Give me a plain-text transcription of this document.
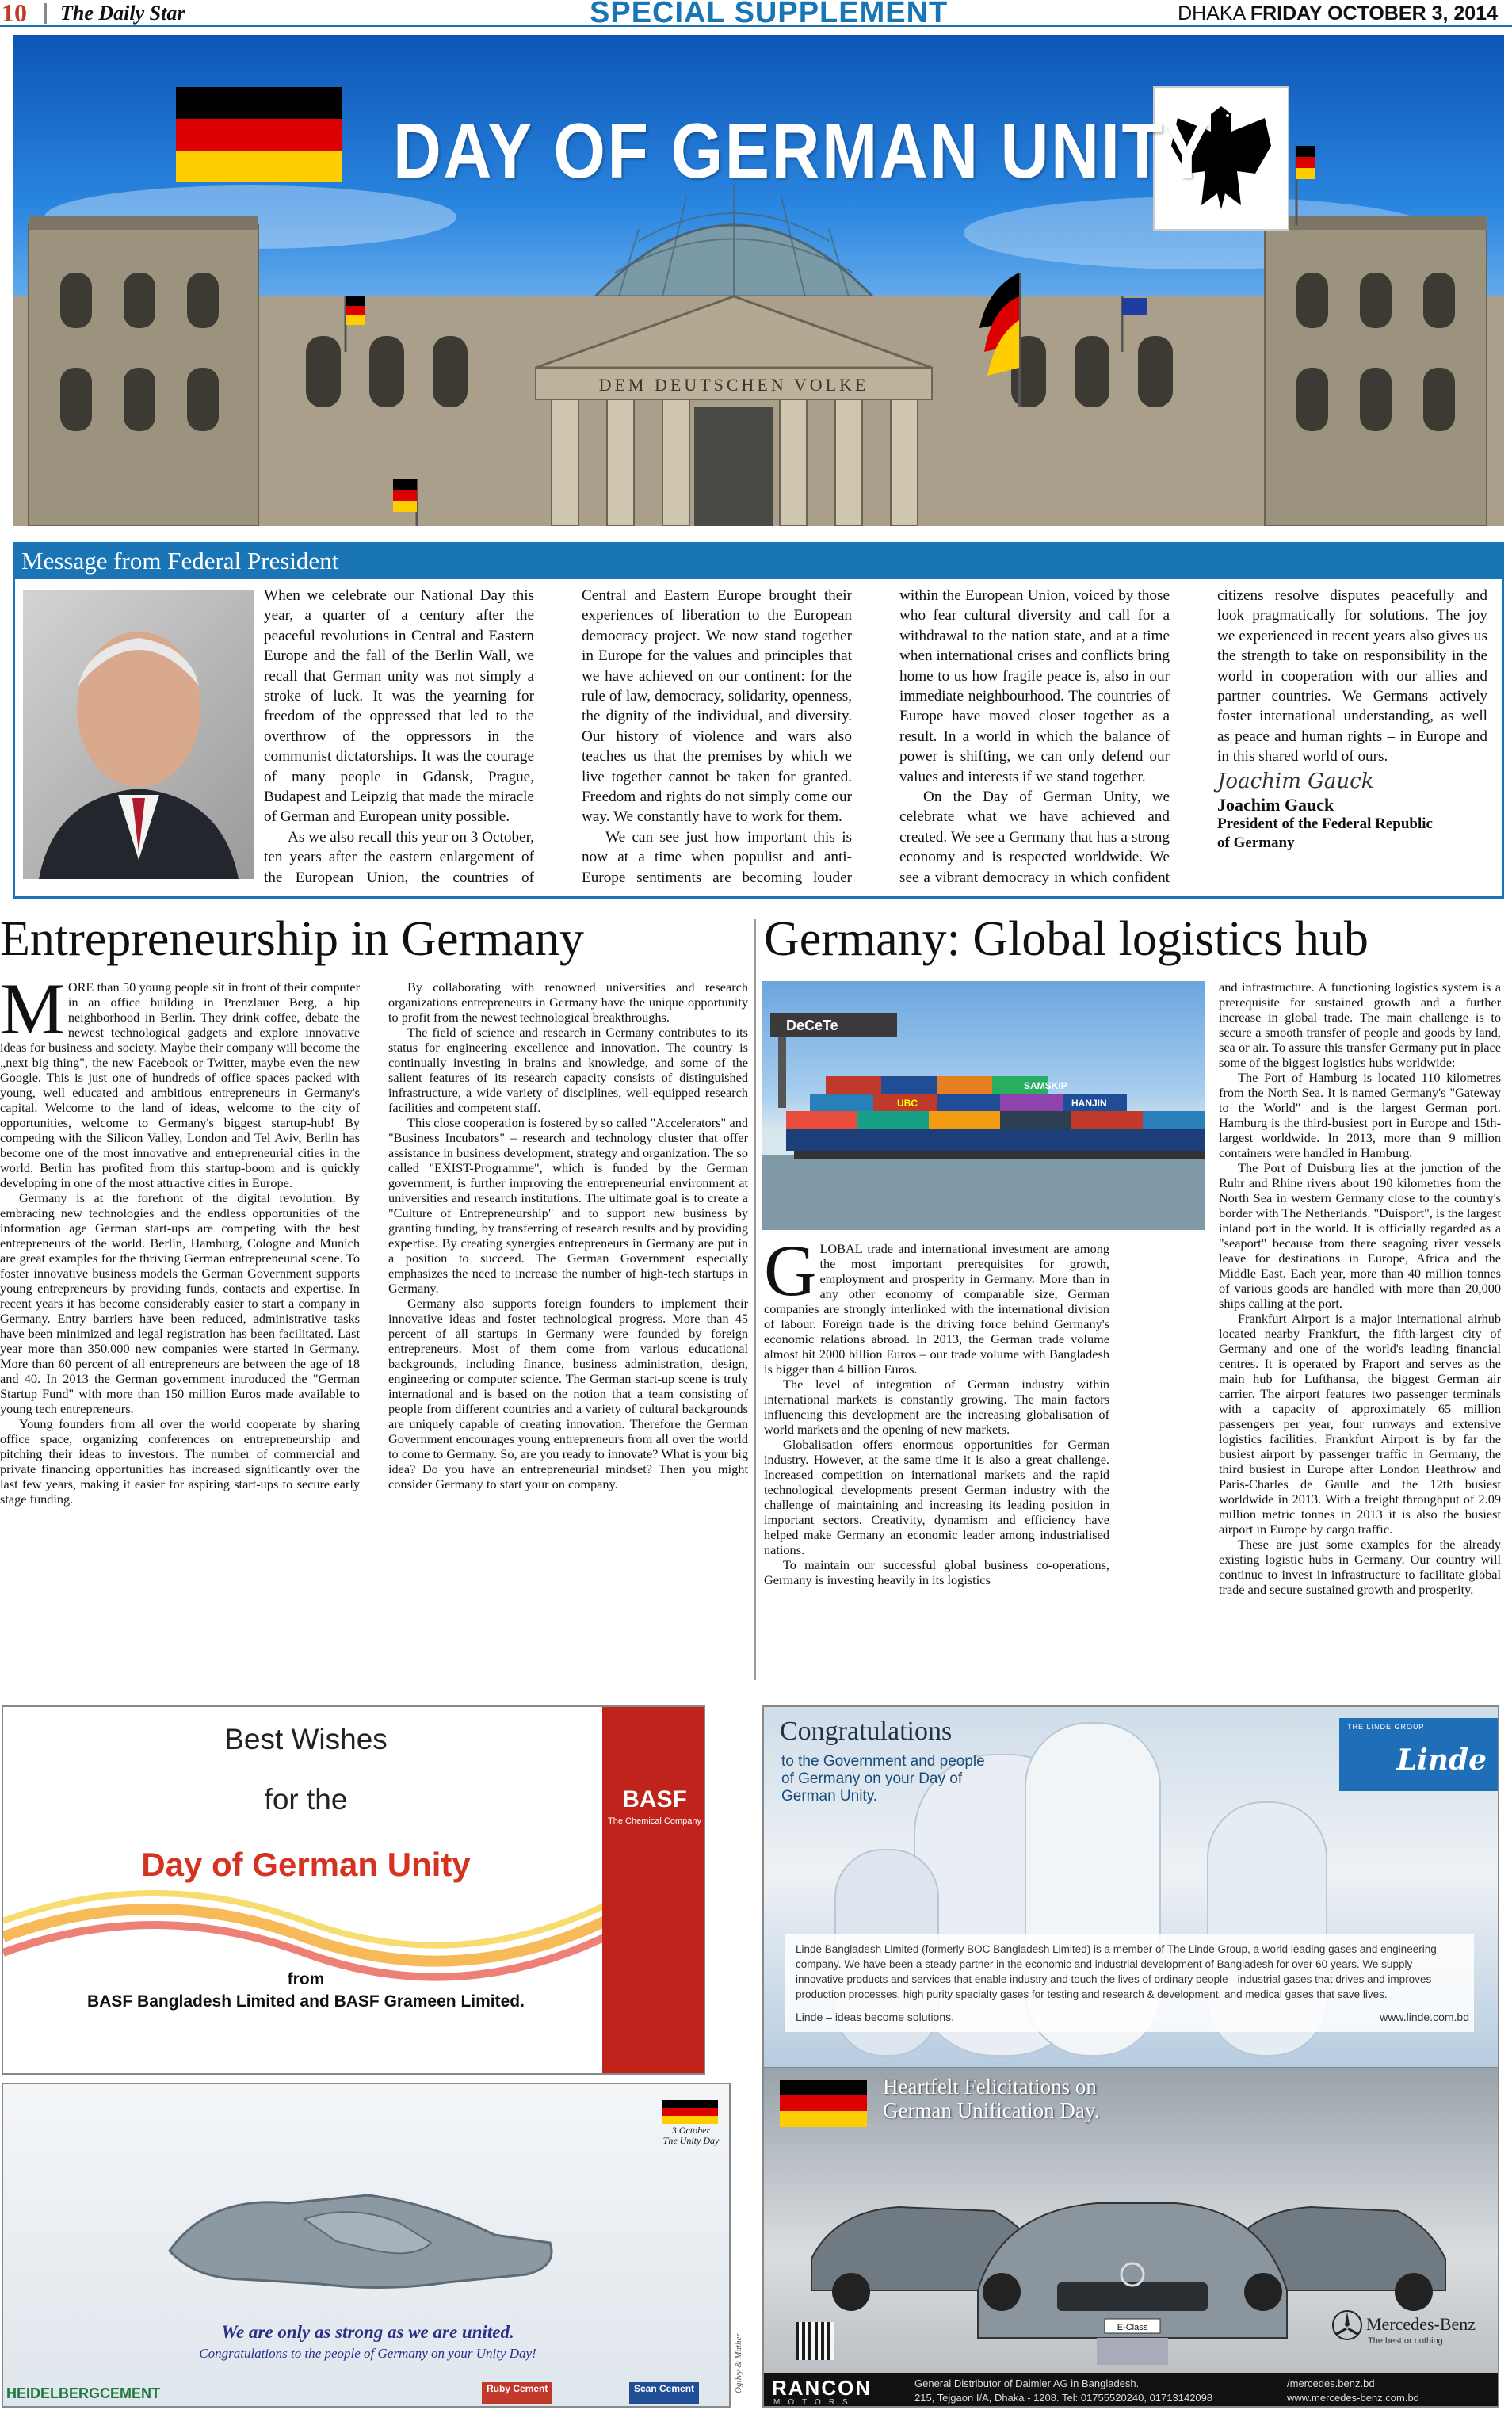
10 The Daily Star	SPECIAL SUPPLEMENT	DHAKA FRIDAY OCTOBER 3, 2014
DEM DEUTSCHEN VOLKE
DAY OF GERMAN UNITY
Message from Federal President

When we celebrate our National Day this year, a quarter of a century after the peaceful revolutions in Central and Eastern Europe and the fall of the Berlin Wall, we recall that German unity was not simply a stroke of luck. It was the yearning for freedom of the oppressed that led to the overthrow of the oppressors in the communist dictatorships. It was the courage of many people in Gdansk, Prague, Budapest and Leipzig that made the miracle of German and European unity possible.

As we also recall this year on 3 October, ten years after the eastern enlargement of the European Union, the countries of Central and Eastern Europe brought their experiences of liberation to the European democracy project. We now stand together in Europe for the values and principles that we have achieved on our continent: for the rule of law, democracy, solidarity, openness, the dignity of the individual, and diversity. Our history of violence and wars also teaches us that the premises by which we live together cannot be taken for granted. Freedom and rights do not simply come our way. We constantly have to work for them.

We can see just how important this is now at a time when populist and anti-Europe sentiments are becoming louder within the European Union, voiced by those who fear cultural diversity and call for a withdrawal to the nation state, and at a time when international crises and conflicts bring home to us how fragile peace is, also in our immediate neighbourhood. The countries of Europe have moved closer together as a result. In a world in which the balance of power is shifting, we can only defend our values and interests if we stand together.

On the Day of German Unity, we celebrate what we have achieved and created. We see a Germany that has a strong economy and is respected worldwide. We see a vibrant democracy in which confident citizens resolve disputes peacefully and look pragmatically for solutions. The joy we experienced in recent years also gives us the strength to take on responsibility in the world in cooperation with our allies and partner countries. We Germans actively foster international understanding, as well as peace and human rights – in Europe and in this shared world of ours.

Joachim Gauck
Joachim Gauck
President of the Federal Republic
of Germany
Entrepreneurship in Germany

MORE than 50 young people sit in front of their computer in an office building in Prenzlauer Berg, a hip neighborhood in Berlin. They drink coffee, debate the newest technological gadgets and explore innovative ideas for business and society. Maybe their company will become the „next big thing", the new Facebook or Twitter, maybe even the new Google. This is just one of hundreds of office spaces packed with young, well educated and ambitious entrepreneurs in Germany's capital. Welcome to the land of ideas, welcome to the city of opportunities, welcome to Germany's biggest startup-hub! By competing with the Silicon Valley, London and Tel Aviv, Berlin has become one of the most innovative and entrepreneurial cities in the world. Berlin has profited from this startup-boom and is quickly developing in one of the most attractive cities in Europe.

Germany is at the forefront of the digital revolution. By embracing new technologies and the endless opportunities of the information age German start-ups are competing with the best entrepreneurs of the world. Berlin, Hamburg, Cologne and Munich are great examples for the thriving German entrepreneurial scene. To foster innovative business models the German Government supports young entrepreneurs by providing funds, contacts and expertise. In recent years it has become considerably easier to start a company in Germany. Entry barriers have been reduced, administrative tasks have been minimized and legal registration has been facilitated. Last year more than 350.000 new companies were started in Germany. More than 60 percent of all entrepreneurs are between the age of 18 and 40. In 2013 the German government introduced the "German Startup Fund" with more than 150 million Euros made available to young tech entrepreneurs.

Young founders from all over the world cooperate by sharing office space, organizing conferences on entrepreneurship and pitching their ideas to investors. The number of commercial and private financing opportunities has increased significantly over the last few years, making it easier for aspiring start-ups to secure early stage funding.

By collaborating with renowned universities and research organizations entrepreneurs in Germany have the unique opportunity to profit from the newest technological breakthroughs.

The field of science and research in Germany contributes to its status for engineering excellence and innovation. The country is continually investing in brains and knowledge, and some of the salient features of its research capacity consists of distinguished infrastructure, a wide variety of disciplines, well-equipped research facilities and competent staff.

This close cooperation is fostered by so called "Accelerators" and "Business Incubators" – research and technology cluster that offer assistance in business development, strategy and organization. The so called "EXIST-Programme", which is funded by the German government, is further improving the entrepreneurial environment at universities and research institutions. The ultimate goal is to create a "Culture of Entrepreneurship" and to support new business by granting funding, by transferring of research results and by providing expertise. By creating synergies entrepreneurs in Germany are put in a position to succeed. The German Government especially emphasizes the need to increase the number of high-tech startups in Germany.

Germany also supports foreign founders to implement their innovative ideas and foster technological progress. More than 45 percent of all startups in Germany were founded by foreign entrepreneurs. Most of them come from various educational backgrounds, including finance, business administration, design, engineering or computer science. The German start-up scene is truly international and is based on the notion that a team consisting of people from different countries and a variety of cultural backgrounds are uniquely capable of creating innovation. Therefore the German Government encourages young entrepreneurs from all over the world to come to Germany. So, are you ready to innovate? What is your big idea? Do you have an entrepreneurial mindset? Then you might consider Germany to start your on company.

Germany: Global logistics hub
DeCeTe
SAMSKIP
HANJIN
UBC

GLOBAL trade and international investment are among the most important prerequisites for growth, employment and prosperity in Germany. More than in any other economy of comparable size, German companies are strongly interlinked with the international division of labour. Foreign trade is the driving force behind Germany's economic relations abroad. In 2013, the German trade volume almost hit 2000 billion Euros – our trade volume with Bangladesh is bigger than 4 billion Euros.

The level of integration of German industry within international markets is constantly growing. The main factors influencing this development are the increasing globalisation of world markets and the opening of new markets.

Globalisation offers enormous opportunities for German industry. However, at the same time it is also a great challenge. Increased competition on international markets and the rapid technological developments present German industry with the challenge of maintaining and increasing its leading position in important sectors. Creativity, dynamism and efficiency have helped make Germany an economic leader among industrialised nations.

To maintain our successful global business co-operations, Germany is investing heavily in its logistics

and infrastructure. A functioning logistics system is a prerequisite for sustained growth and a further increase in global trade. The main challenge is to secure a smooth transfer of people and goods by land, sea or air. To assure this transfer Germany put in place some of the biggest logistics hubs worldwide:

The Port of Hamburg is located 110 kilometres from the North Sea. It is named Germany's "Gateway to the World" and is the largest German port. Hamburg is the third-busiest port in Europe and 15th-largest worldwide. In 2013, more than 9 million containers were handled in Hamburg.

The Port of Duisburg lies at the junction of the Ruhr and Rhine rivers about 190 kilometres from the North Sea in western Germany close to the country's border with The Netherlands. "Duisport", is the largest inland port in the world. It is officially regarded as a "seaport" because from there seagoing river vessels leave for destinations in Europe, Africa and the Middle East. Each year, more than 40 million tonnes of various goods are handled with more than 20,000 ships calling at the port.

Frankfurt Airport is a major international airhub located nearby Frankfurt, the fifth-largest city of Germany and one of the world's leading financial centres. It is operated by Fraport and serves as the main hub for Lufthansa, the biggest German air carrier. The airport features two passenger terminals with a capacity of approximately 65 million passengers per year, four runways and extensive logistics facilities. Frankfurt Airport is by far the busiest airport by passenger traffic in Germany, the third busiest in Europe after London Heathrow and Paris-Charles de Gaulle and the 12th busiest worldwide in 2013. With a freight throughput of 2.09 million metric tonnes in 2013 it is also the busiest airport in Europe by cargo traffic.

These are just some examples for the already existing logistic hubs in Germany. Our country will continue to invest in infrastructure to facilitate global trade and secure sustained growth and prosperity.

Best Wishes
for the
Day of German Unity
from
BASF Bangladesh Limited and BASF Grameen Limited.
BASF
The Chemical Company
Congratulations
to the Government and people of Germany on your Day of German Unity.
THE LINDE GROUP
Linde
Linde Bangladesh Limited (formerly BOC Bangladesh Limited) is a member of The Linde Group, a world leading gases and engineering company. We have been a steady partner in the economic and industrial development of Bangladesh for over 60 years. We supply innovative products and services that enable industry and touch the lives of ordinary people - industrial gases that drives and improves production processes, high purity specialty gases for testing and research & development, and medical gases that save lives.
Linde – ideas become solutions.	www.linde.com.bd
3 October
The Unity Day
We are only as strong as we are united.
Congratulations to the people of Germany on your Unity Day!
HEIDELBERGCEMENT	Ruby Cement	Scan Cement	Ogilvy & Mather
Heartfelt Felicitations on
German Unification Day.
E-Class	Mercedes-Benz
The best or nothing.
RANCON
MOTORS
General Distributor of Daimler AG in Bangladesh.
215, Tejgaon I/A, Dhaka - 1208. Tel: 01755520240, 01713142098
/mercedes.benz.bd
www.mercedes-benz.com.bd
